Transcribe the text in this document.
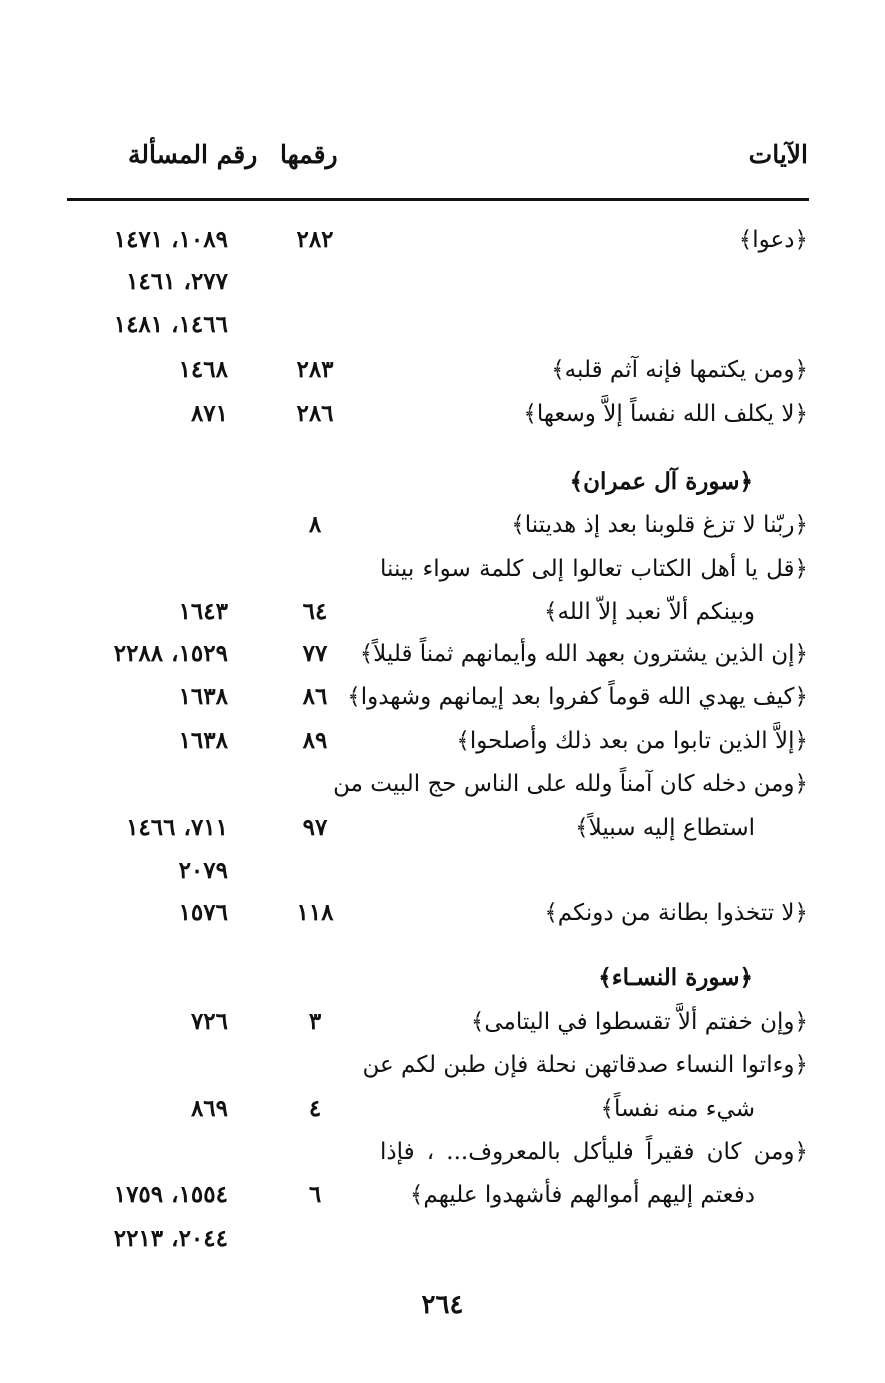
الآيات
رقمها
رقم المسألة
﴿دعوا﴾
٢٨٢
١٠٨٩، ١٤٧١
٢٧٧، ١٤٦١
١٤٦٦، ١٤٨١
﴿ومن يكتمها فإنه آثم قلبه﴾
٢٨٣
١٤٦٨
﴿لا يكلف الله نفساً إلاَّ وسعها﴾
٢٨٦
٨٧١
﴿سورة آل عمران﴾
﴿ربّنا لا تزغ قلوبنا بعد إذ هديتنا﴾
٨
﴿قل يا أهل الكتاب تعالوا إلى كلمة سواء بيننا
وبينكم ألاّ نعبد إلاّ الله﴾
٦٤
١٦٤٣
﴿إن الذين يشترون بعهد الله وأيمانهم ثمناً قليلاً﴾
٧٧
١٥٢٩، ٢٢٨٨
﴿كيف يهدي الله قوماً كفروا بعد إيمانهم وشهدوا﴾
٨٦
١٦٣٨
﴿إلاَّ الذين تابوا من بعد ذلك وأصلحوا﴾
٨٩
١٦٣٨
﴿ومن دخله كان آمناً ولله على الناس حج البيت من
استطاع إليه سبيلاً﴾
٩٧
٧١١، ١٤٦٦
٢٠٧٩
﴿لا تتخذوا بطانة من دونكم﴾
١١٨
١٥٧٦
﴿سورة النسـاء﴾
﴿وإن خفتم ألاَّ تقسطوا في اليتامى﴾
٣
٧٢٦
﴿وءاتوا النساء صدقاتهن نحلة فإن طبن لكم عن
شيء منه نفساً﴾
٤
٨٦٩
﴿ومن كان فقيراً فليأكل بالمعروف... ، فإذا
دفعتم إليهم أموالهم فأشهدوا عليهم﴾
٦
١٥٥٤، ١٧٥٩
٢٠٤٤، ٢٢١٣
٢٦٤
